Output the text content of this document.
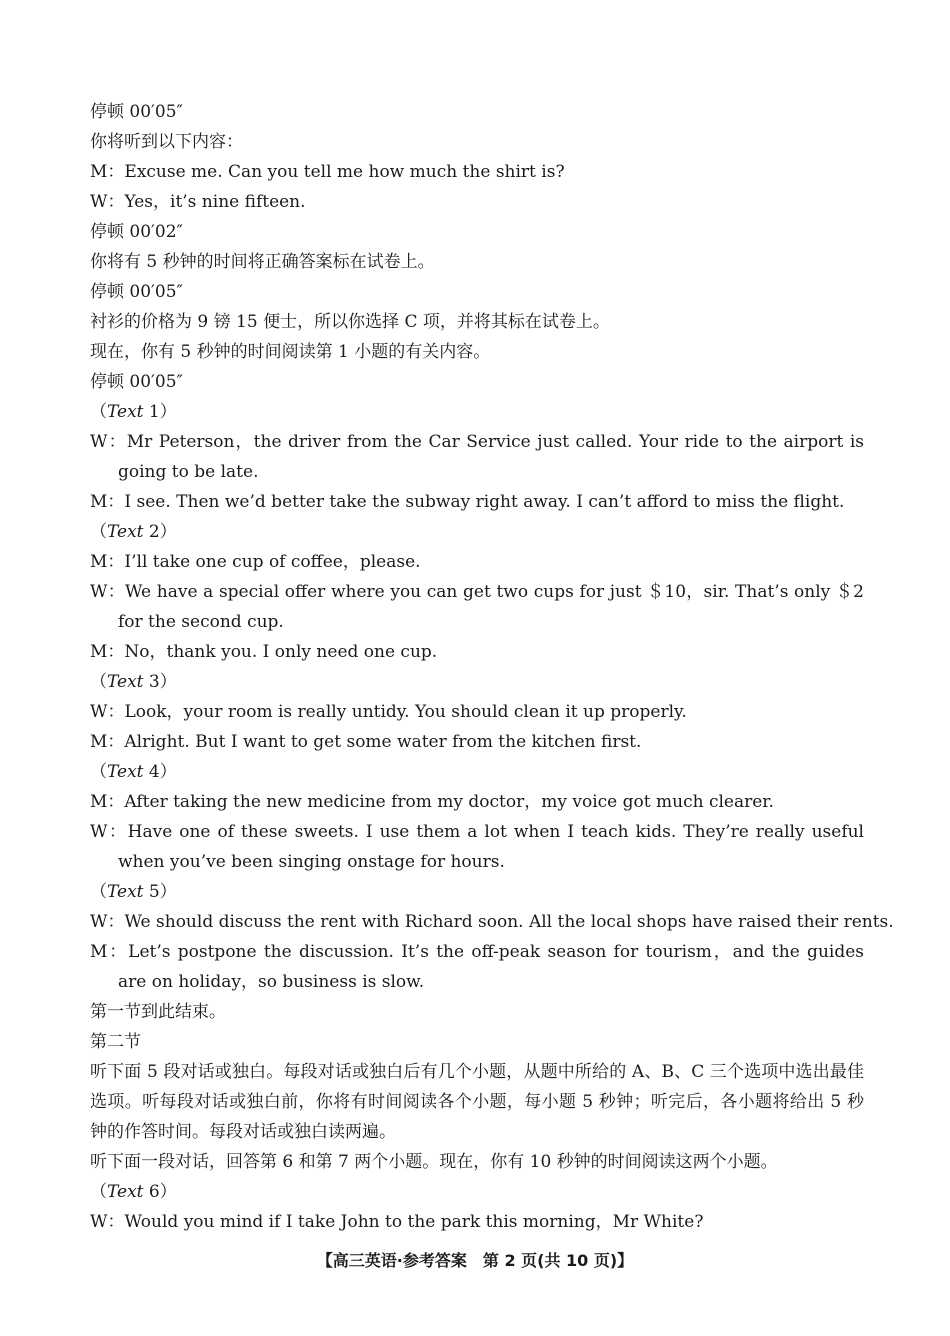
停顿 00′05″

你将听到以下内容：

M：Excuse me. Can you tell me how much the shirt is?

W：Yes，it’s nine fifteen.

停顿 00′02″

你将有 5 秒钟的时间将正确答案标在试卷上。

停顿 00′05″

衬衫的价格为 9 镑 15 便士，所以你选择 C 项，并将其标在试卷上。

现在，你有 5 秒钟的时间阅读第 1 小题的有关内容。

停顿 00′05″

（Text 1）

W：Mr Peterson，the driver from the Car Service just called. Your ride to the airport is going to be late.

M：I see. Then we’d better take the subway right away. I can’t afford to miss the flight.

（Text 2）

M：I’ll take one cup of coffee，please.

W：We have a special offer where you can get two cups for just ＄10，sir. That’s only ＄2 for the second cup.

M：No，thank you. I only need one cup.

（Text 3）

W：Look，your room is really untidy. You should clean it up properly.

M：Alright. But I want to get some water from the kitchen first.

（Text 4）

M：After taking the new medicine from my doctor，my voice got much clearer.

W：Have one of these sweets. I use them a lot when I teach kids. They’re really useful when you’ve been singing onstage for hours.

（Text 5）

W：We should discuss the rent with Richard soon. All the local shops have raised their rents.

M：Let’s postpone the discussion. It’s the off-peak season for tourism，and the guides are on holiday，so business is slow.

第一节到此结束。

第二节

听下面 5 段对话或独白。每段对话或独白后有几个小题，从题中所给的 A、B、C 三个选项中选出最佳选项。听每段对话或独白前，你将有时间阅读各个小题，每小题 5 秒钟；听完后，各小题将给出 5 秒钟的作答时间。每段对话或独白读两遍。

听下面一段对话，回答第 6 和第 7 两个小题。现在，你有 10 秒钟的时间阅读这两个小题。

（Text 6）

W：Would you mind if I take John to the park this morning，Mr White?

【高三英语·参考答案　第 2 页(共 10 页)】
